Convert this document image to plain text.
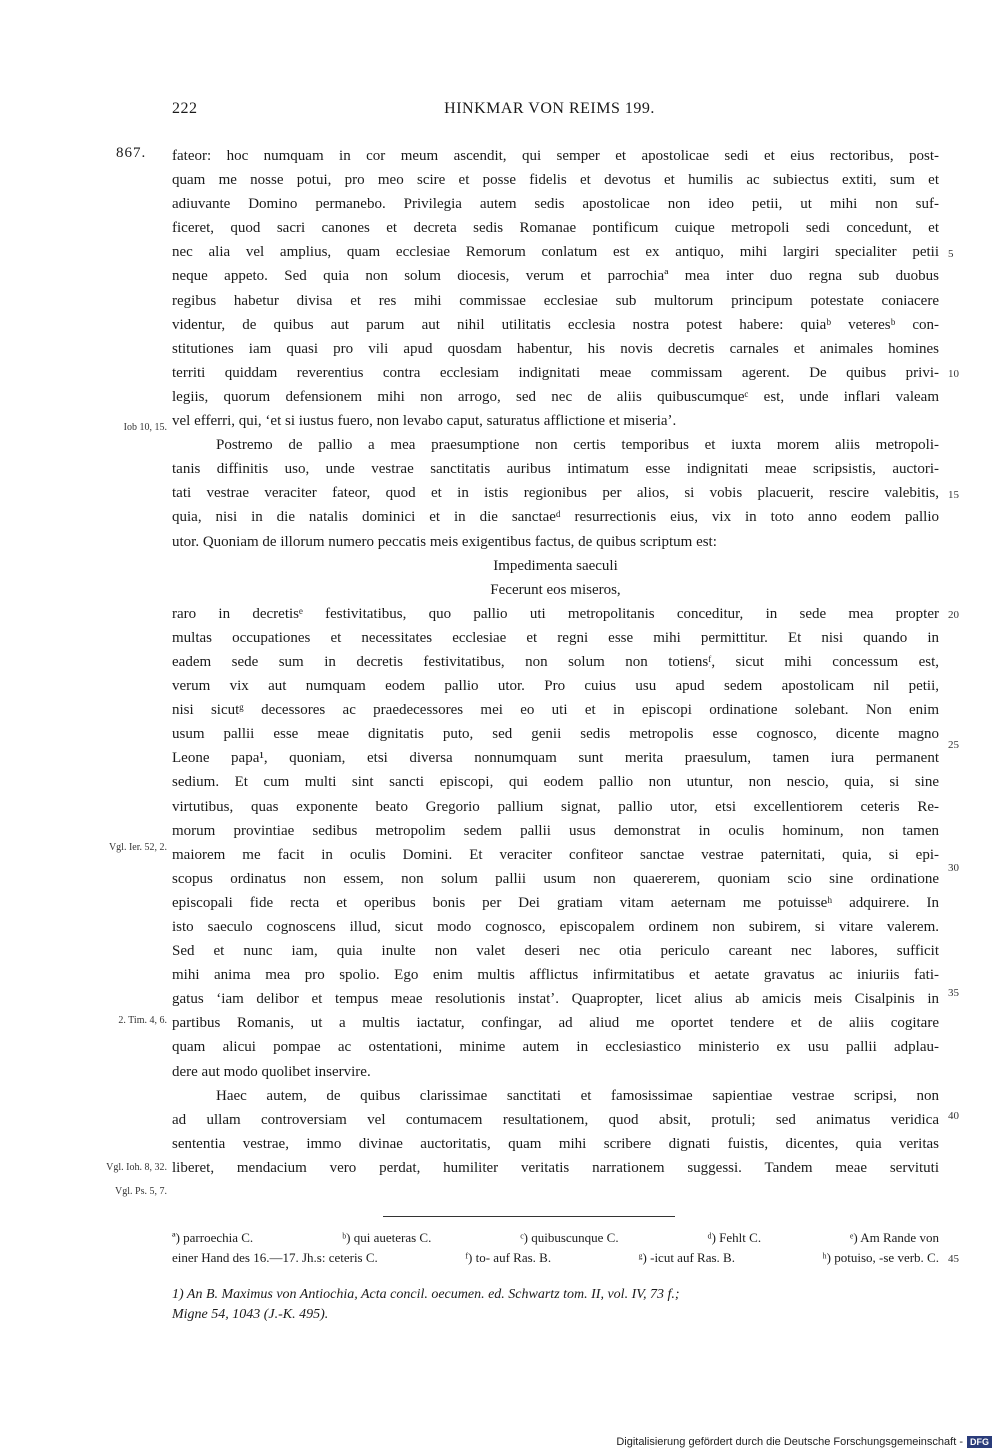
222	HINKMAR VON REIMS 199.
867. fateor: hoc numquam in cor meum ascendit, qui semper et apostolicae sedi et eius rectoribus, post-
quam me nosse potui, pro meo scire et posse fidelis et devotus et humilis ac subiectus extiti, sum et
adiuvante Domino permanebo. Privilegia autem sedis apostolicae non ideo petii, ut mihi non suf-
ficeret, quod sacri canones et decreta sedis Romanae pontificum cuique metropoli sedi concedunt, et
nec alia vel amplius, quam ecclesiae Remorum conlatum est ex antiquo, mihi largiri specialiter petii
neque appeto. Sed quia non solum diocesis, verum et parrochiaª mea inter duo regna sub duobus
regibus habetur divisa et res mihi commissae ecclesiae sub multorum principum potestate coniacere
videntur, de quibus aut parum aut nihil utilitatis ecclesia nostra potest habere: quiaᵇ veteresᵇ con-
stitutiones iam quasi pro vili apud quosdam habentur, his novis decretis carnales et animales homines
territi quiddam reverentius contra ecclesiam indignitati meae commissam agerent. De quibus privi-
legiis, quorum defensionem mihi non arrogo, sed nec de aliis quibuscumqueᶜ est, unde inflari valeam
vel efferri, qui, ʻet si iustus fuero, non levabo caput, saturatus afflictione et miseriaʼ.
Postremo de pallio a mea praesumptione non certis temporibus et iuxta morem aliis metropoli-
tanis diffinitis uso, unde vestrae sanctitatis auribus intimatum esse indignitati meae scripsistis, auctori-
tati vestrae veraciter fateor, quod et in istis regionibus per alios, si vobis placuerit, rescire valebitis,
quia, nisi in die natalis dominici et in die sanctaeᵈ resurrectionis eius, vix in toto anno eodem pallio
utor. Quoniam de illorum numero peccatis meis exigentibus factus, de quibus scriptum est:
Impedimenta saeculi
Fecerunt eos miseros,
raro in decretisᵉ festivitatibus, quo pallio uti metropolitanis conceditur, in sede mea propter
multas occupationes et necessitates ecclesiae et regni esse mihi permittitur. Et nisi quando in
eadem sede sum in decretis festivitatibus, non solum non totiensᶠ, sicut mihi concessum est,
verum vix aut numquam eodem pallio utor. Pro cuius usu apud sedem apostolicam nil petii,
nisi sicutᵍ decessores ac praedecessores mei eo uti et in episcopi ordinatione solebant. Non enim
usum pallii esse meae dignitatis puto, sed genii sedis metropolis esse cognosco, dicente magno
Leone papa¹, quoniam, etsi diversa nonnumquam sunt merita praesulum, tamen iura permanent
sedium. Et cum multi sint sancti episcopi, qui eodem pallio non utuntur, non nescio, quia, si sine
virtutibus, quas exponente beato Gregorio pallium signat, pallio utor, etsi excellentiorem ceteris Re-
morum provintiae sedibus metropolim sedem pallii usus demonstrat in oculis hominum, non tamen
maiorem me facit in oculis Domini. Et veraciter confiteor sanctae vestrae paternitati, quia, si epi-
scopus ordinatus non essem, non solum pallii usum non quaererem, quoniam scio sine ordinatione
episcopali fide recta et operibus bonis per Dei gratiam vitam aeternam me potuisseʰ adquirere. In
isto saeculo cognoscens illud, sicut modo cognosco, episcopalem ordinem non subirem, si vitare valerem.
Sed et nunc iam, quia inulte non valet deseri nec otia periculo careant nec labores, sufficit
mihi anima mea pro spolio. Ego enim multis afflictus infirmitatibus et aetate gravatus ac iniuriis fati-
gatus ʻiam delibor et tempus meae resolutionis instatʼ. Quapropter, licet alius ab amicis meis Cisalpinis in
partibus Romanis, ut a multis iactatur, confingar, ad aliud me oportet tendere et de aliis cogitare
quam alicui pompae ac ostentationi, minime autem in ecclesiastico ministerio ex usu pallii adplau-
dere aut modo quolibet inservire.
Haec autem, de quibus clarissimae sanctitati et famosissimae sapientiae vestrae scripsi, non
ad ullam controversiam vel contumacem resultationem, quod absit, protuli; sed animatus veridica
sententia vestrae, immo divinae auctoritatis, quam mihi scribere dignati fuistis, dicentes, quia veritas
liberet, mendacium vero perdat, humiliter veritatis narrationem suggessi. Tandem meae servituti
5
10
15
20
25
30
35
40
Iob 10, 15.
Vgl. Ier. 52, 2.
2. Tim. 4, 6.
Vgl. Ioh. 8, 32.
Vgl. Ps. 5, 7.
ª) parroechia C.	ᵇ) qui aueteras C.	ᶜ) quibuscunque C.	ᵈ) Fehlt C.	ᵉ) Am Rande von
einer Hand des 16.—17. Jh.s: ceteris C.	ᶠ) to- auf Ras. B.	ᵍ) -icut auf Ras. B.	ʰ) potuiso, -se verb. C. 45
1) An B. Maximus von Antiochia, Acta concil. oecumen. ed. Schwartz tom. II, vol. IV, 73 f.;
Migne 54, 1043 (J.-K. 495).
Digitalisierung gefördert durch die Deutsche Forschungsgemeinschaft - DFG
